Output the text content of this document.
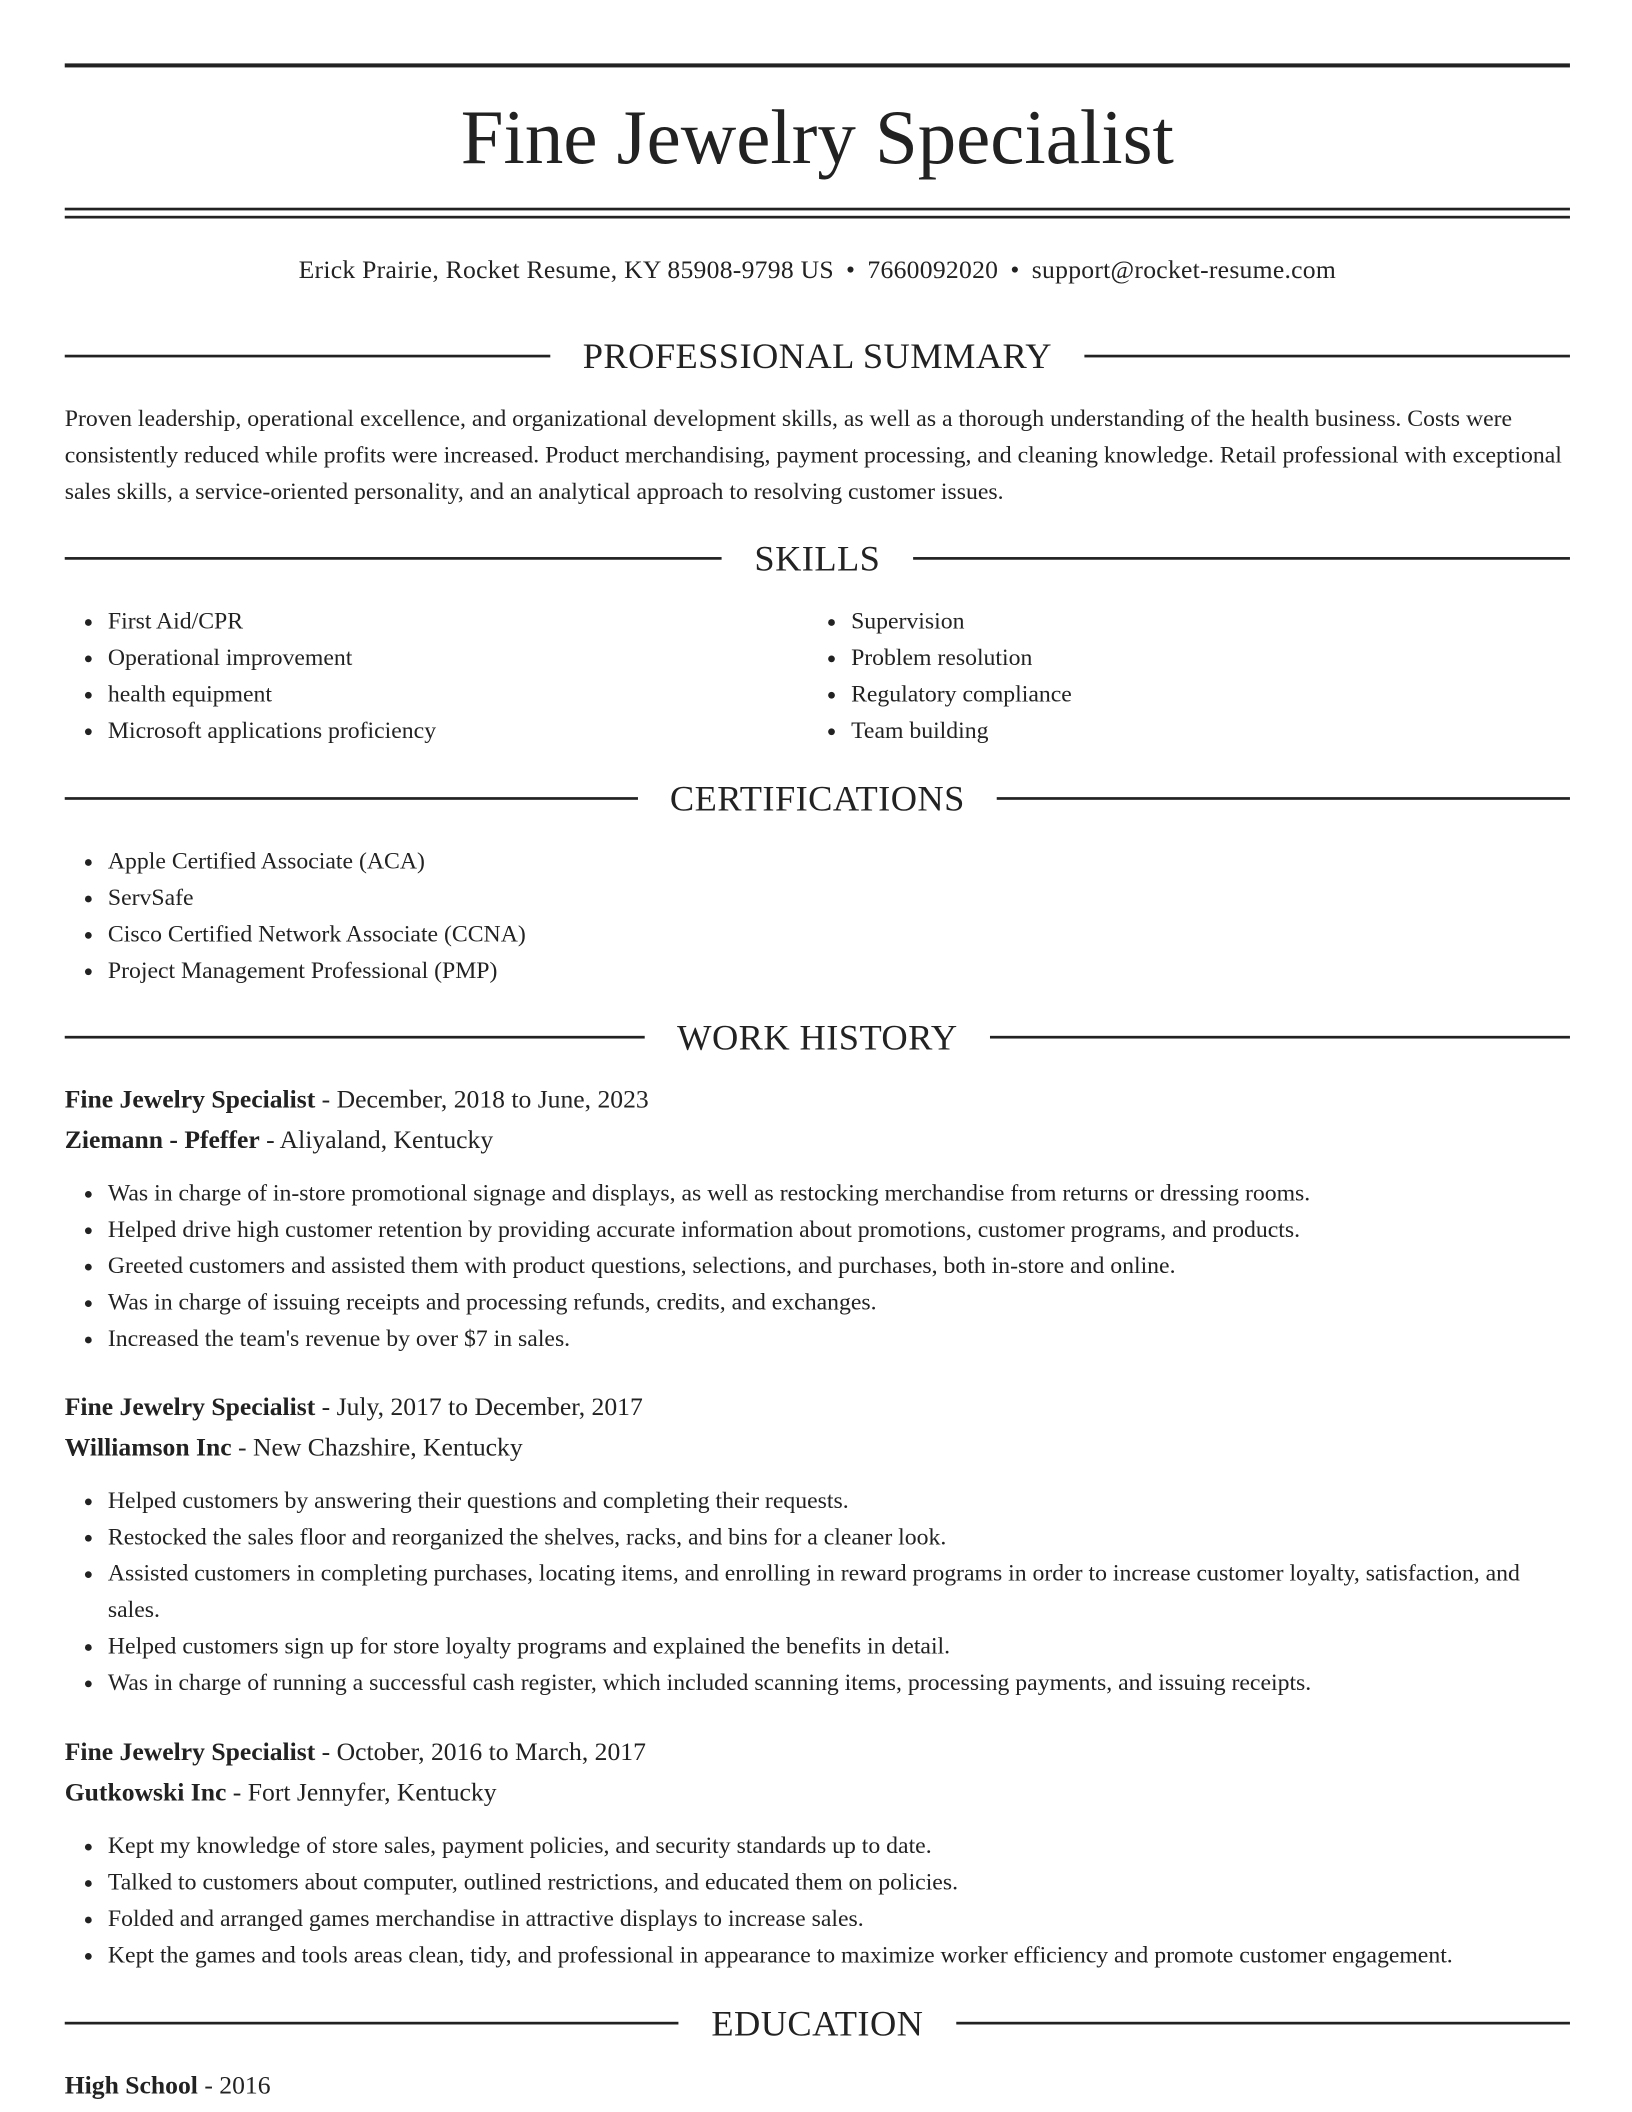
Fine Jewelry Specialist
Erick Prairie, Rocket Resume, KY 85908-9798 US • 7660092020 • support@rocket-resume.com
PROFESSIONAL SUMMARY

Proven leadership, operational excellence, and organizational development skills, as well as a thorough understanding of the health business. Costs were consistently reduced while profits were increased. Product merchandising, payment processing, and cleaning knowledge. Retail professional with exceptional sales skills, a service-oriented personality, and an analytical approach to resolving customer issues.

SKILLS
• First Aid/CPR
• Operational improvement
• health equipment
• Microsoft applications proficiency
• Supervision
• Problem resolution
• Regulatory compliance
• Team building
CERTIFICATIONS
• Apple Certified Associate (ACA)
• ServSafe
• Cisco Certified Network Associate (CCNA)
• Project Management Professional (PMP)
WORK HISTORY
Fine Jewelry Specialist - December, 2018 to June, 2023
Ziemann - Pfeffer - Aliyaland, Kentucky
• Was in charge of in-store promotional signage and displays, as well as restocking merchandise from returns or dressing rooms.
• Helped drive high customer retention by providing accurate information about promotions, customer programs, and products.
• Greeted customers and assisted them with product questions, selections, and purchases, both in-store and online.
• Was in charge of issuing receipts and processing refunds, credits, and exchanges.
• Increased the team's revenue by over $7 in sales.
Fine Jewelry Specialist - July, 2017 to December, 2017
Williamson Inc - New Chazshire, Kentucky
• Helped customers by answering their questions and completing their requests.
• Restocked the sales floor and reorganized the shelves, racks, and bins for a cleaner look.
• Assisted customers in completing purchases, locating items, and enrolling in reward programs in order to increase customer loyalty, satisfaction, and sales.
• Helped customers sign up for store loyalty programs and explained the benefits in detail.
• Was in charge of running a successful cash register, which included scanning items, processing payments, and issuing receipts.
Fine Jewelry Specialist - October, 2016 to March, 2017
Gutkowski Inc - Fort Jennyfer, Kentucky
• Kept my knowledge of store sales, payment policies, and security standards up to date.
• Talked to customers about computer, outlined restrictions, and educated them on policies.
• Folded and arranged games merchandise in attractive displays to increase sales.
• Kept the games and tools areas clean, tidy, and professional in appearance to maximize worker efficiency and promote customer engagement.
EDUCATION
High School - 2016
